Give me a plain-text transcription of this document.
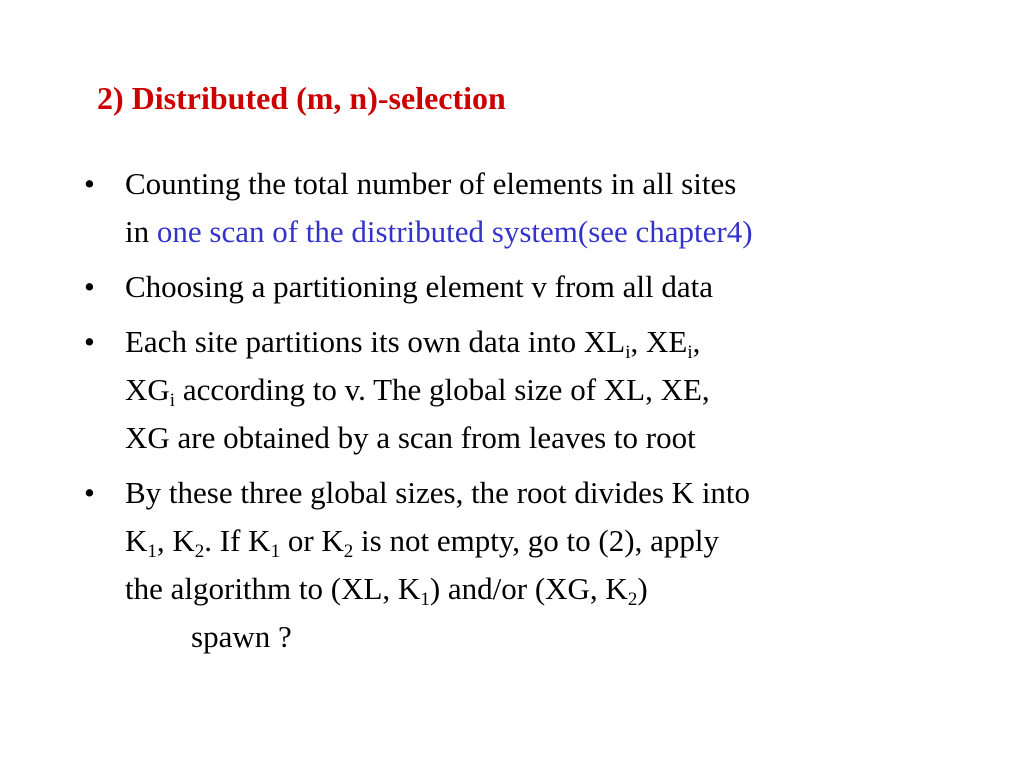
2) Distributed (m, n)-selection
• Counting the total number of elements in all sites
in one scan of the distributed system(see chapter4)
• Choosing a partitioning element v from all data
• Each site partitions its own data into $XL_i$, $XE_i$,
$XG_i$ according to v. The global size of XL, XE,
XG are obtained by a scan from leaves to root
• By these three global sizes, the root divides K into
$K_1$, $K_2$. If $K_1$ or $K_2$ is not empty, go to (2), apply
the algorithm to (XL, $K_1$) and/or (XG, $K_2$)
spawn ?
